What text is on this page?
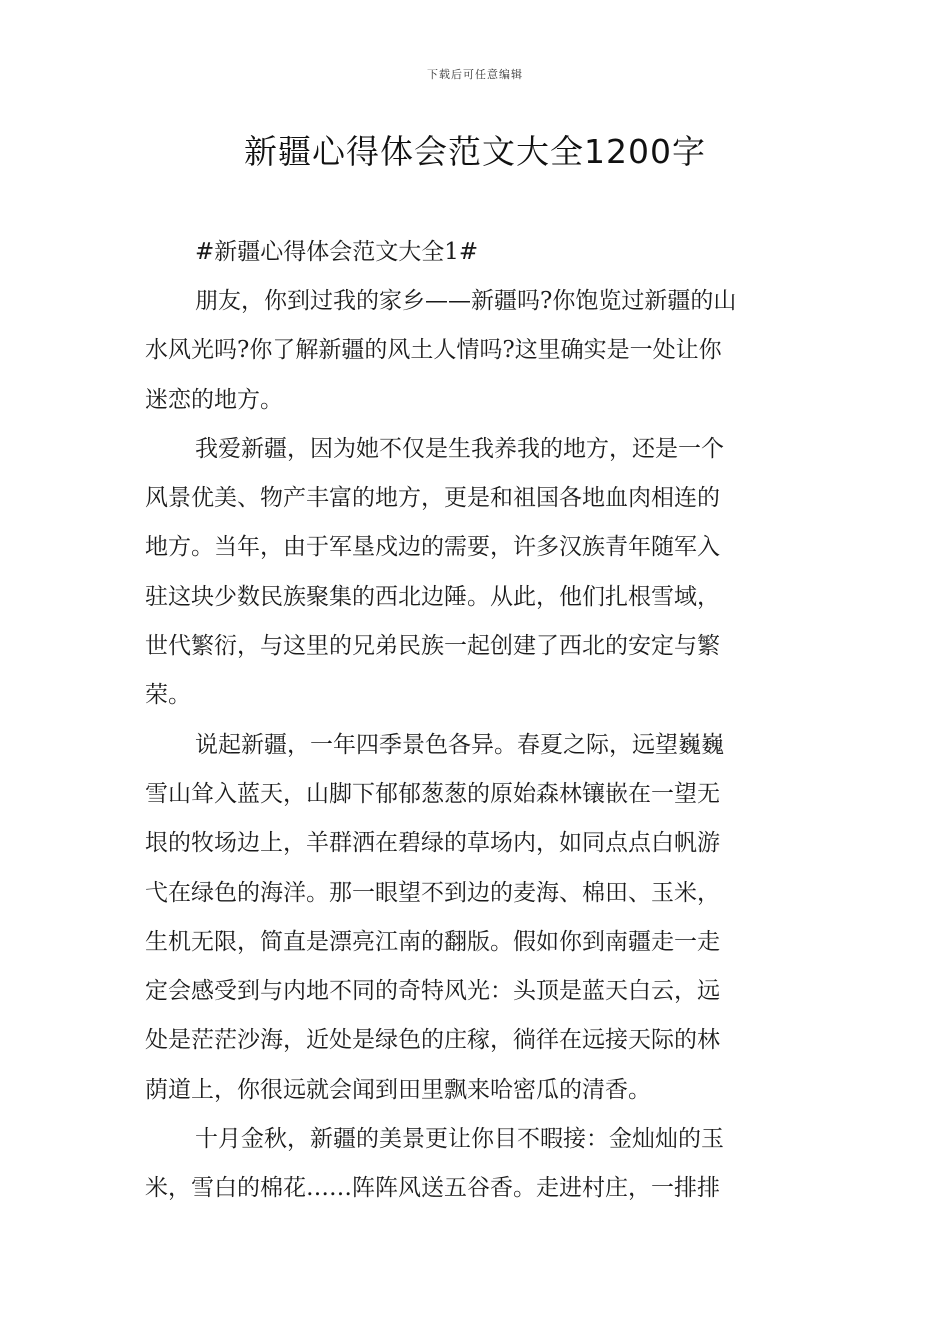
下载后可任意编辑
新疆心得体会范文大全1200字

#新疆心得体会范文大全1#

朋友，你到过我的家乡——新疆吗?你饱览过新疆的山
水风光吗?你了解新疆的风土人情吗?这里确实是一处让你
迷恋的地方。

我爱新疆，因为她不仅是生我养我的地方，还是一个
风景优美、物产丰富的地方，更是和祖国各地血肉相连的
地方。当年，由于军垦戍边的需要，许多汉族青年随军入
驻这块少数民族聚集的西北边陲。从此，他们扎根雪域，
世代繁衍，与这里的兄弟民族一起创建了西北的安定与繁
荣。

说起新疆，一年四季景色各异。春夏之际，远望巍巍
雪山耸入蓝天，山脚下郁郁葱葱的原始森林镶嵌在一望无
垠的牧场边上，羊群洒在碧绿的草场内，如同点点白帆游
弋在绿色的海洋。那一眼望不到边的麦海、棉田、玉米，
生机无限，简直是漂亮江南的翻版。假如你到南疆走一走
定会感受到与内地不同的奇特风光：头顶是蓝天白云，远
处是茫茫沙海，近处是绿色的庄稼，徜徉在远接天际的林
荫道上，你很远就会闻到田里飘来哈密瓜的清香。

十月金秋，新疆的美景更让你目不暇接：金灿灿的玉
米，雪白的棉花……阵阵风送五谷香。走进村庄，一排排
